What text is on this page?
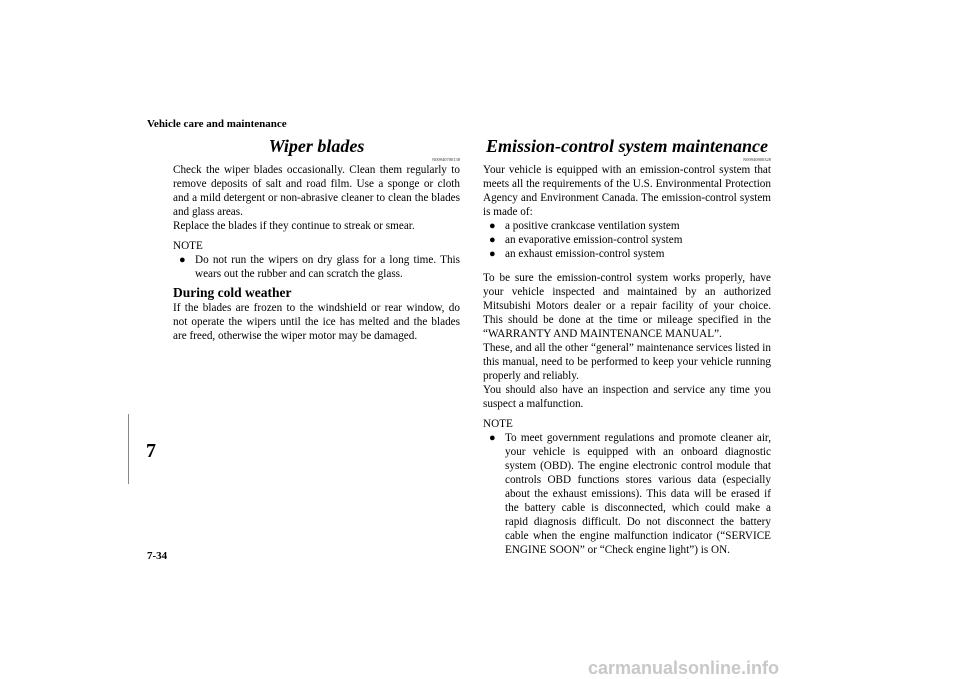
Vehicle care and maintenance
7
7-34
Wiper blades
N00940700138

Check the wiper blades occasionally. Clean them regularly to remove deposits of salt and road film. Use a sponge or cloth and a mild detergent or non-abrasive cleaner to clean the blades and glass areas.

Replace the blades if they continue to streak or smear.

NOTE
● Do not run the wipers on dry glass for a long time. This wears out the rubber and can scratch the glass.
During cold weather

If the blades are frozen to the windshield or rear window, do not operate the wipers until the ice has melted and the blades are freed, otherwise the wiper motor may be damaged.

Emission-control system maintenance
N00940800328

Your vehicle is equipped with an emission-control system that meets all the requirements of the U.S. Environmental Protection Agency and Environment Canada. The emission-control system is made of:

● a positive crankcase ventilation system
● an evaporative emission-control system
● an exhaust emission-control system

To be sure the emission-control system works properly, have your vehicle inspected and maintained by an authorized Mitsubishi Motors dealer or a repair facility of your choice. This should be done at the time or mileage specified in the “WARRANTY AND MAINTENANCE MANUAL”.

These, and all the other “general” maintenance services listed in this manual, need to be performed to keep your vehicle running properly and reliably.

You should also have an inspection and service any time you suspect a malfunction.

NOTE
● To meet government regulations and promote cleaner air, your vehicle is equipped with an onboard diagnostic system (OBD). The engine electronic control module that controls OBD functions stores various data (especially about the exhaust emissions). This data will be erased if the battery cable is disconnected, which could make a rapid diagnosis difficult. Do not disconnect the battery cable when the engine malfunction indicator (“SERVICE ENGINE SOON” or “Check engine light”) is ON.
carmanualsonline.info
